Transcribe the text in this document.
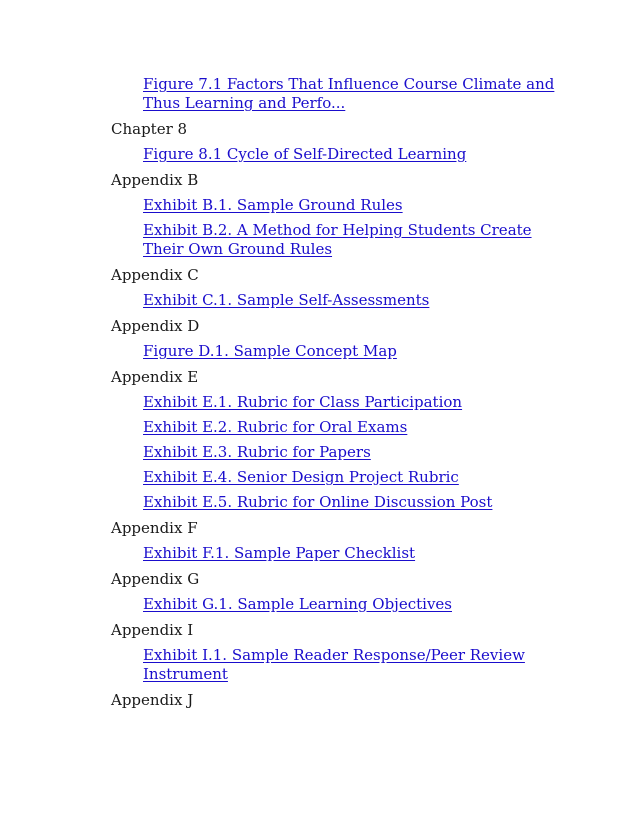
Figure 7.1 Factors That Influence Course Climate and Thus Learning and Perfo...
Chapter 8
Figure 8.1 Cycle of Self-Directed Learning
Appendix B
Exhibit B.1. Sample Ground Rules
Exhibit B.2. A Method for Helping Students Create Their Own Ground Rules
Appendix C
Exhibit C.1. Sample Self-Assessments
Appendix D
Figure D.1. Sample Concept Map
Appendix E
Exhibit E.1. Rubric for Class Participation
Exhibit E.2. Rubric for Oral Exams
Exhibit E.3. Rubric for Papers
Exhibit E.4. Senior Design Project Rubric
Exhibit E.5. Rubric for Online Discussion Post
Appendix F
Exhibit F.1. Sample Paper Checklist
Appendix G
Exhibit G.1. Sample Learning Objectives
Appendix I
Exhibit I.1. Sample Reader Response/Peer Review Instrument
Appendix J
